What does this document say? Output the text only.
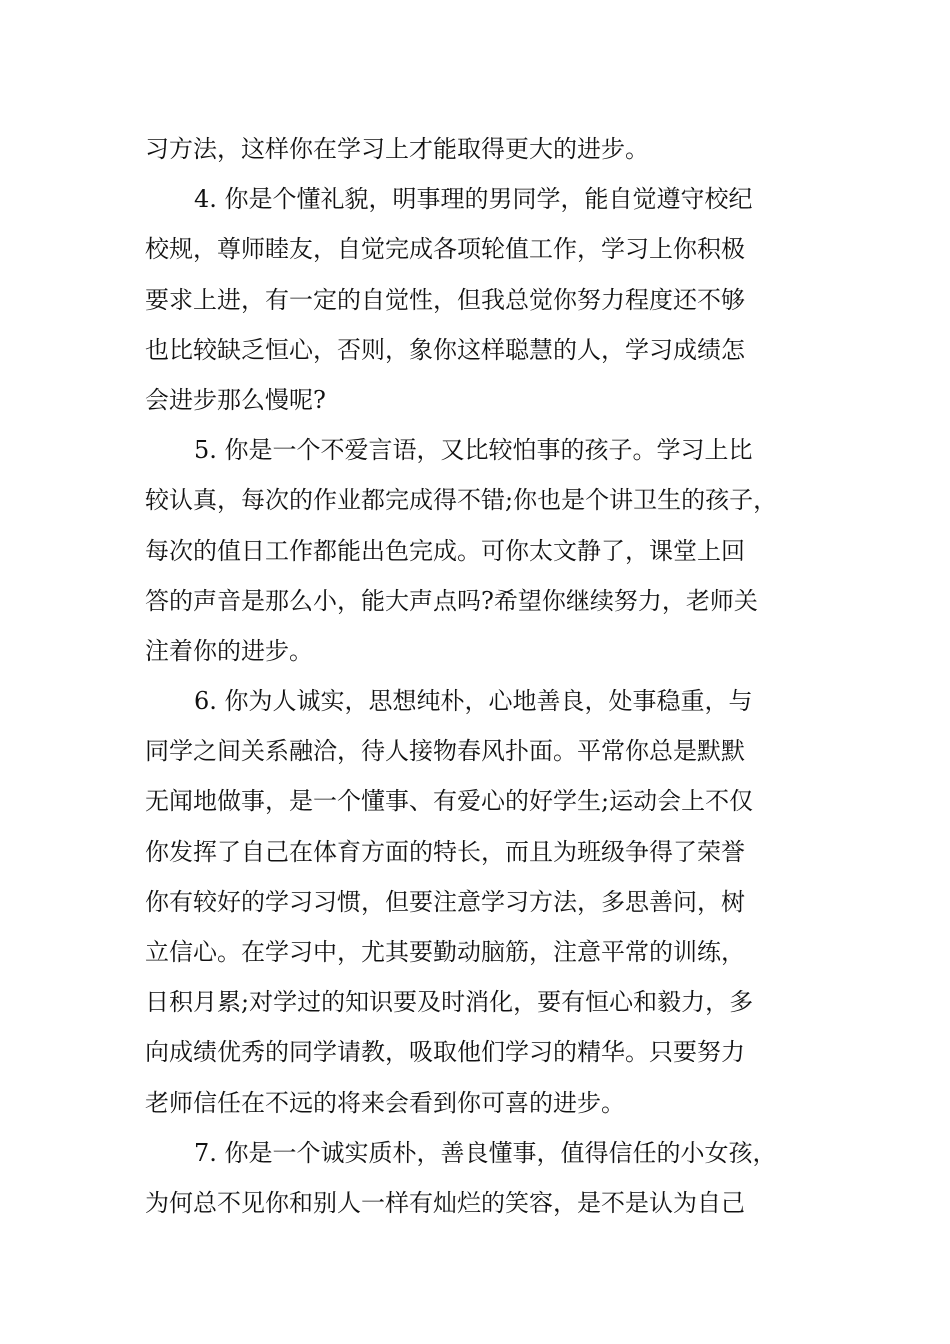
习方法，这样你在学习上才能取得更大的进步。
4. 你是个懂礼貌，明事理的男同学，能自觉遵守校纪
校规，尊师睦友，自觉完成各项轮值工作，学习上你积极
要求上进，有一定的自觉性，但我总觉你努力程度还不够
也比较缺乏恒心，否则，象你这样聪慧的人，学习成绩怎
会进步那么慢呢?
5. 你是一个不爱言语，又比较怕事的孩子。学习上比
较认真，每次的作业都完成得不错;你也是个讲卫生的孩子，
每次的值日工作都能出色完成。可你太文静了，课堂上回
答的声音是那么小，能大声点吗?希望你继续努力，老师关
注着你的进步。
6. 你为人诚实，思想纯朴，心地善良，处事稳重，与
同学之间关系融洽，待人接物春风扑面。平常你总是默默
无闻地做事，是一个懂事、有爱心的好学生;运动会上不仅
你发挥了自己在体育方面的特长，而且为班级争得了荣誉
你有较好的学习习惯，但要注意学习方法，多思善问，树
立信心。在学习中，尤其要勤动脑筋，注意平常的训练，
日积月累;对学过的知识要及时消化，要有恒心和毅力，多
向成绩优秀的同学请教，吸取他们学习的精华。只要努力
老师信任在不远的将来会看到你可喜的进步。
7. 你是一个诚实质朴，善良懂事，值得信任的小女孩，
为何总不见你和别人一样有灿烂的笑容，是不是认为自己
